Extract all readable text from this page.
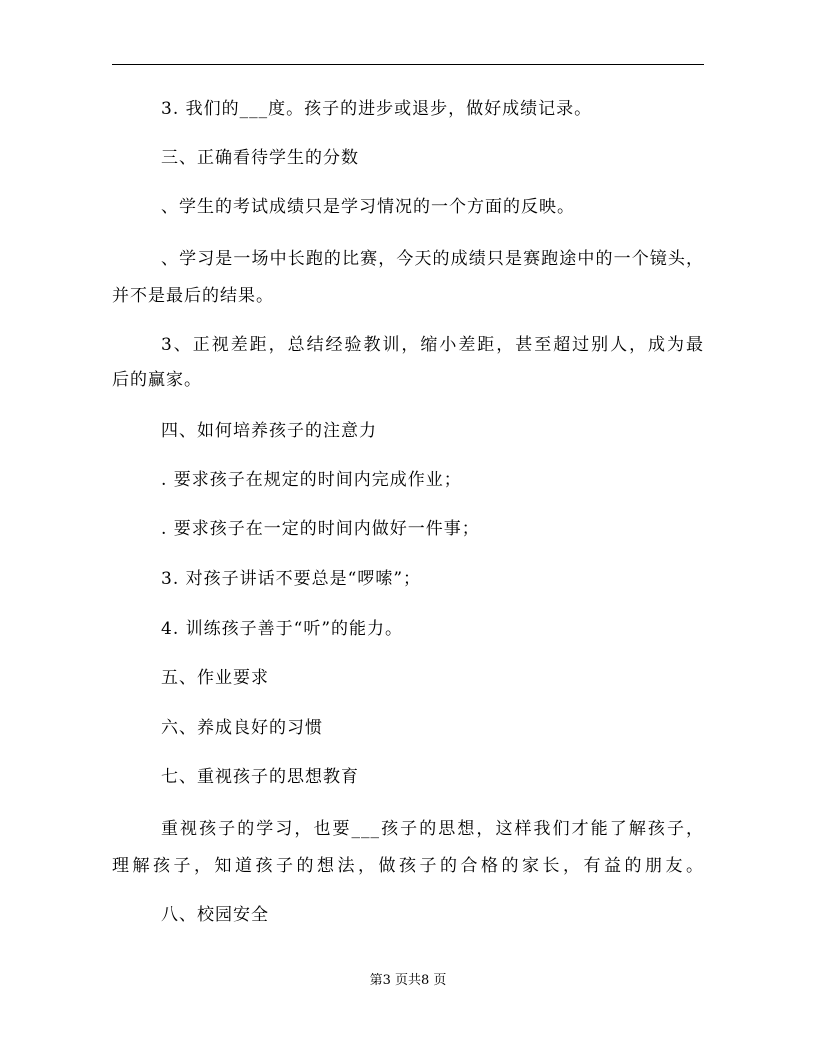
3. 我们的___度。孩子的进步或退步，做好成绩记录。
三、正确看待学生的分数
、学生的考试成绩只是学习情况的一个方面的反映。
、学习是一场中长跑的比赛，今天的成绩只是赛跑途中的一个镜头，
并不是最后的结果。
3、正视差距，总结经验教训，缩小差距，甚至超过别人，成为最
后的赢家。
四、如何培养孩子的注意力
. 要求孩子在规定的时间内完成作业；
. 要求孩子在一定的时间内做好一件事；
3. 对孩子讲话不要总是“啰嗦”；
4. 训练孩子善于“听”的能力。
五、作业要求
六、养成良好的习惯
七、重视孩子的思想教育
重视孩子的学习，也要___孩子的思想，这样我们才能了解孩子，
理解孩子，知道孩子的想法，做孩子的合格的家长，有益的朋友。
八、校园安全
第3 页共8 页
